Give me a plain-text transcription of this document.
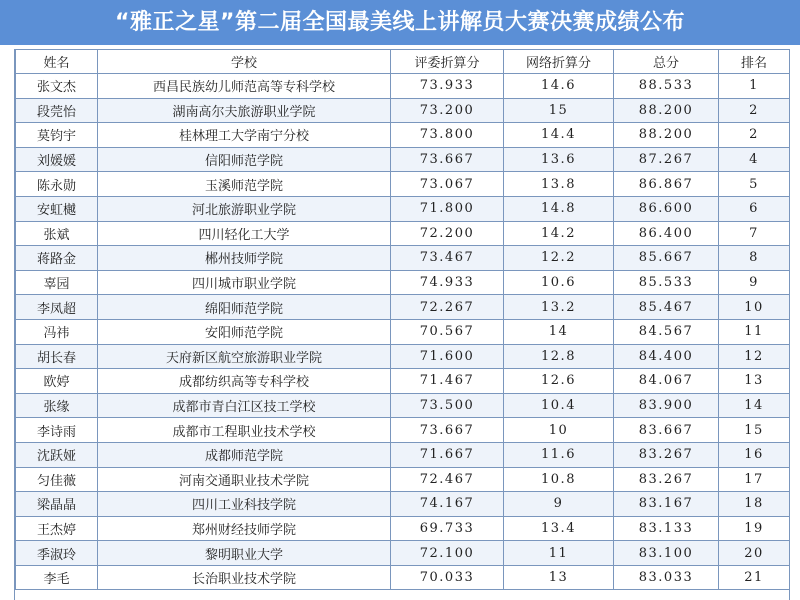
“雅正之星”第二届全国最美线上讲解员大赛决赛成绩公布
姓名	学校	评委折算分	网络折算分	总分	排名
张文杰	西昌民族幼儿师范高等专科学校	73.933	14.6	88.533	1
段莞怡	湖南高尔夫旅游职业学院	73.200	15	88.200	2
莫钧宇	桂林理工大学南宁分校	73.800	14.4	88.200	2
刘媛媛	信阳师范学院	73.667	13.6	87.267	4
陈永勋	玉溪师范学院	73.067	13.8	86.867	5
安虹樾	河北旅游职业学院	71.800	14.8	86.600	6
张斌	四川轻化工大学	72.200	14.2	86.400	7
蒋路金	郴州技师学院	73.467	12.2	85.667	8
辜园	四川城市职业学院	74.933	10.6	85.533	9
李凤超	绵阳师范学院	72.267	13.2	85.467	10
冯祎	安阳师范学院	70.567	14	84.567	11
胡长春	天府新区航空旅游职业学院	71.600	12.8	84.400	12
欧婷	成都纺织高等专科学校	71.467	12.6	84.067	13
张缘	成都市青白江区技工学校	73.500	10.4	83.900	14
李诗雨	成都市工程职业技术学校	73.667	10	83.667	15
沈跃娅	成都师范学院	71.667	11.6	83.267	16
匀佳薇	河南交通职业技术学院	72.467	10.8	83.267	17
梁晶晶	四川工业科技学院	74.167	9	83.167	18
王杰婷	郑州财经技师学院	69.733	13.4	83.133	19
季淑玲	黎明职业大学	72.100	11	83.100	20
李毛	长治职业技术学院	70.033	13	83.033	21
